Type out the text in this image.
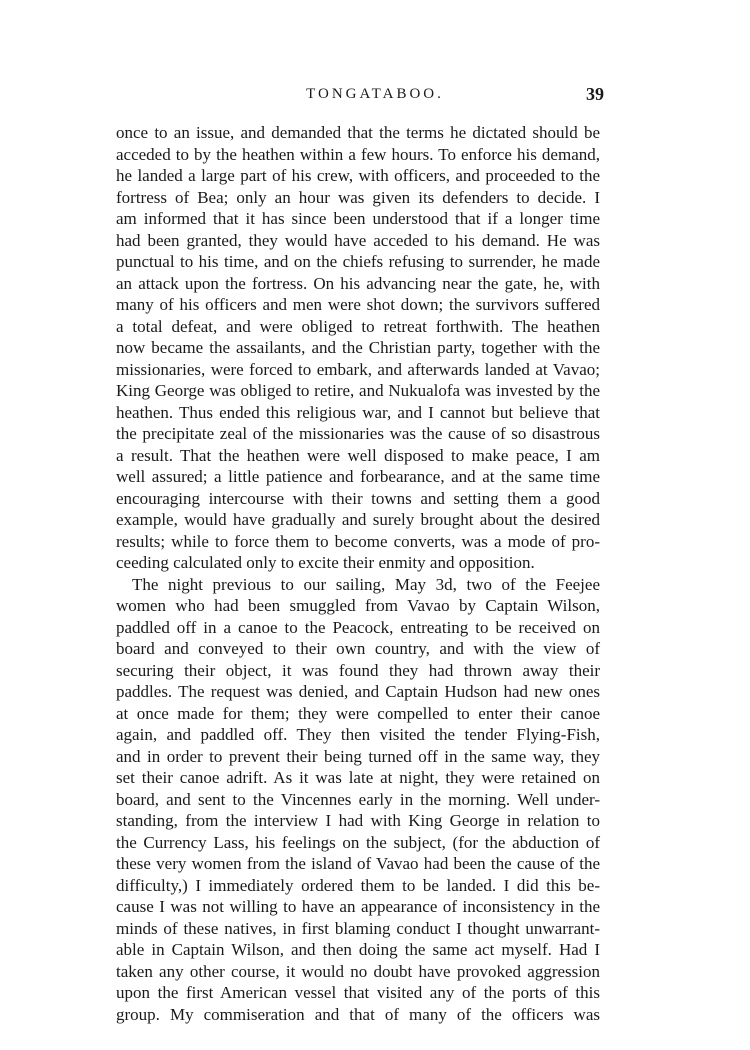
TONGATABOO.	39
once to an issue, and demanded that the terms he dictated should be
acceded to by the heathen within a few hours. To enforce his demand,
he landed a large part of his crew, with officers, and proceeded to the
fortress of Bea; only an hour was given its defenders to decide. I
am informed that it has since been understood that if a longer time
had been granted, they would have acceded to his demand. He was
punctual to his time, and on the chiefs refusing to surrender, he made
an attack upon the fortress. On his advancing near the gate, he, with
many of his officers and men were shot down; the survivors suffered
a total defeat, and were obliged to retreat forthwith. The heathen
now became the assailants, and the Christian party, together with the
missionaries, were forced to embark, and afterwards landed at Vavao;
King George was obliged to retire, and Nukualofa was invested by the
heathen. Thus ended this religious war, and I cannot but believe that
the precipitate zeal of the missionaries was the cause of so disastrous
a result. That the heathen were well disposed to make peace, I am
well assured; a little patience and forbearance, and at the same time
encouraging intercourse with their towns and setting them a good
example, would have gradually and surely brought about the desired
results; while to force them to become converts, was a mode of pro-
ceeding calculated only to excite their enmity and opposition.
The night previous to our sailing, May 3d, two of the Feejee
women who had been smuggled from Vavao by Captain Wilson,
paddled off in a canoe to the Peacock, entreating to be received on
board and conveyed to their own country, and with the view of
securing their object, it was found they had thrown away their
paddles. The request was denied, and Captain Hudson had new ones
at once made for them; they were compelled to enter their canoe
again, and paddled off. They then visited the tender Flying-Fish,
and in order to prevent their being turned off in the same way, they
set their canoe adrift. As it was late at night, they were retained on
board, and sent to the Vincennes early in the morning. Well under-
standing, from the interview I had with King George in relation to
the Currency Lass, his feelings on the subject, (for the abduction of
these very women from the island of Vavao had been the cause of the
difficulty,) I immediately ordered them to be landed. I did this be-
cause I was not willing to have an appearance of inconsistency in the
minds of these natives, in first blaming conduct I thought unwarrant-
able in Captain Wilson, and then doing the same act myself. Had I
taken any other course, it would no doubt have provoked aggression
upon the first American vessel that visited any of the ports of this
group. My commiseration and that of many of the officers was
